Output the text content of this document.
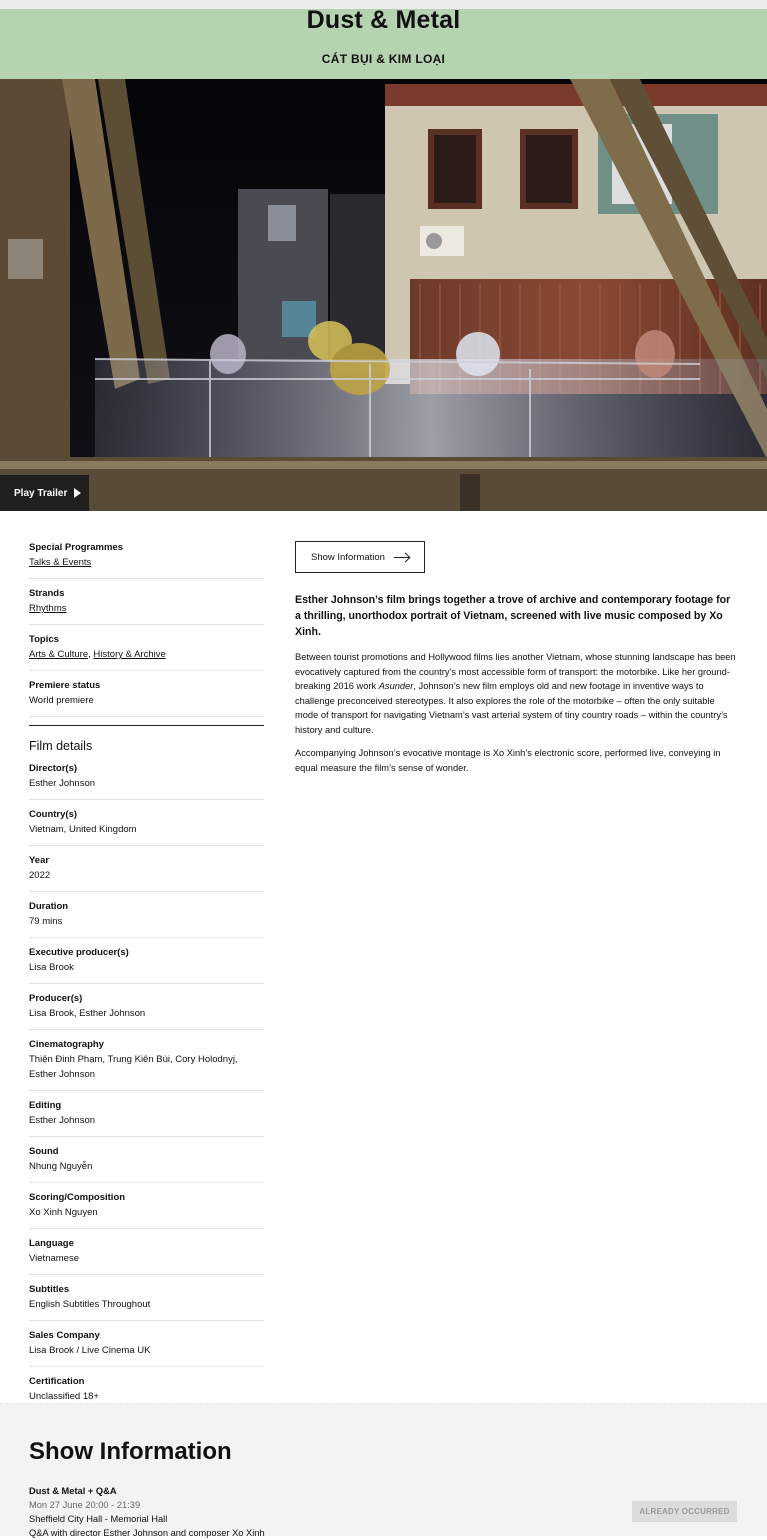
Dust & Metal
CÁT BỤI & KIM LOẠI
Play Trailer
Special Programmes
Talks & Events
Strands
Rhythms
Topics
Arts & Culture, History & Archive
Premiere status
World premiere
Film details
Director(s)
Esther Johnson
Country(s)
Vietnam, United Kingdom
Year
2022
Duration
79 mins
Executive producer(s)
Lisa Brook
Producer(s)
Lisa Brook, Esther Johnson
Cinematography
Thiện Đinh Phạm, Trung Kiên Bùi, Cory Holodnyj, Esther Johnson
Editing
Esther Johnson
Sound
Nhung Nguyễn
Scoring/Composition
Xo Xinh Nguyen
Language
Vietnamese
Subtitles
English Subtitles Throughout
Sales Company
Lisa Brook / Live Cinema UK
Certification
Unclassified 18+
Show Information
Esther Johnson’s film brings together a trove of archive and contemporary footage for a thrilling, unorthodox portrait of Vietnam, screened with live music composed by Xo Xinh.

Between tourist promotions and Hollywood films lies another Vietnam, whose stunning landscape has been evocatively captured from the country’s most accessible form of transport: the motorbike. Like her ground-breaking 2016 work Asunder, Johnson’s new film employs old and new footage in inventive ways to challenge preconceived stereotypes. It also explores the role of the motorbike – often the only suitable mode of transport for navigating Vietnam’s vast arterial system of tiny country roads – within the country’s history and culture.

Accompanying Johnson’s evocative montage is Xo Xinh’s electronic score, performed live, conveying in equal measure the film’s sense of wonder.

Show Information
Dust & Metal + Q&A
Mon 27 June 20:00 - 21:39
Sheffield City Hall - Memorial Hall
Q&A with director Esther Johnson and composer Xo Xinh
ALREADY OCCURRED
